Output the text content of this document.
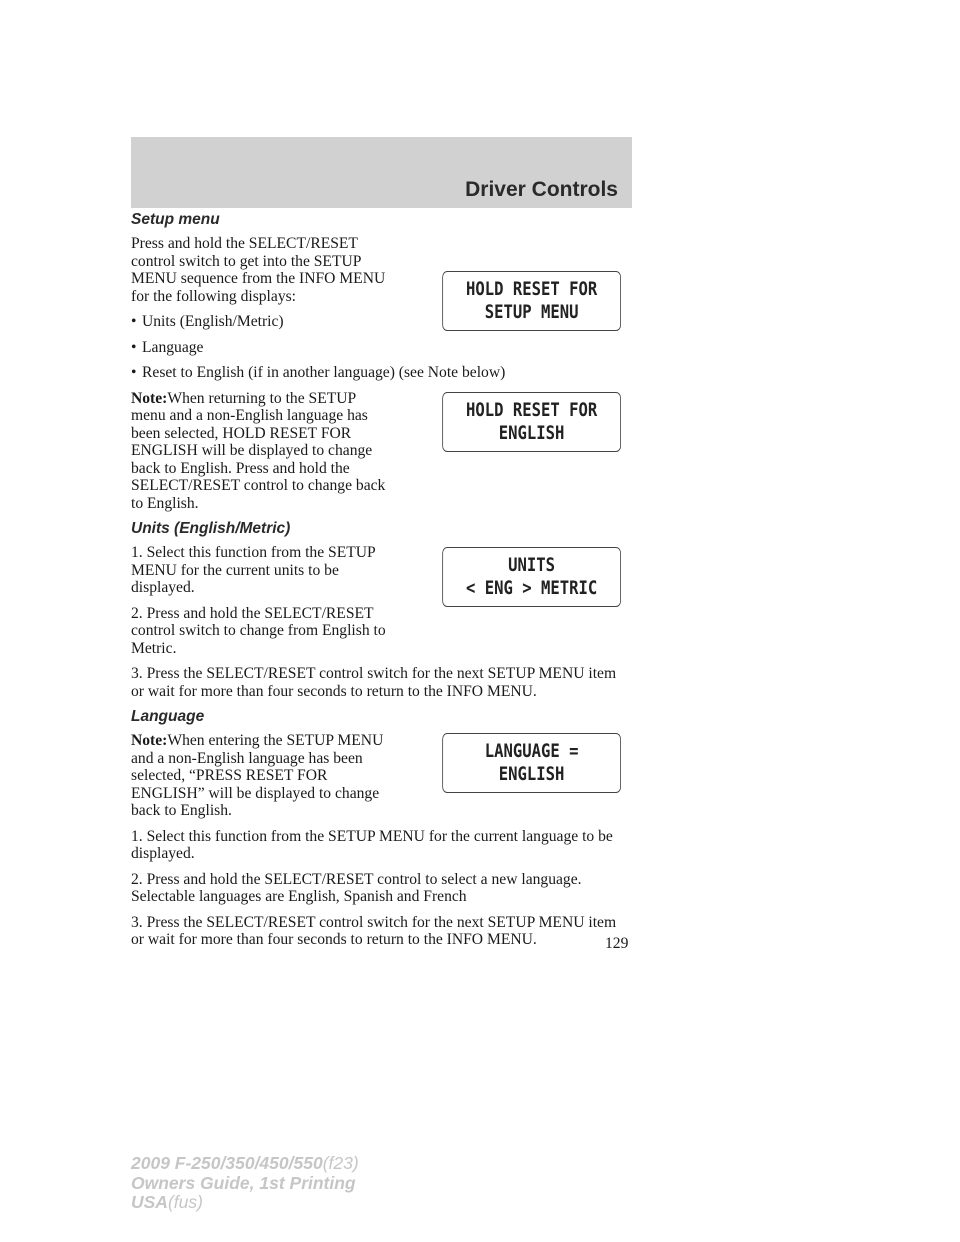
Driver Controls
Setup menu

Press and hold the SELECT/RESET control switch to get into the SETUP MENU sequence from the INFO MENU for the following displays:	HOLD RESET FOR
SETUP MENU
• Units (English/Metric)
• Language
• Reset to English (if in another language) (see Note below)

Note:When returning to the SETUP menu and a non-English language has been selected, HOLD RESET FOR ENGLISH will be displayed to change back to English. Press and hold the SELECT/RESET control to change back to English.

HOLD RESET FOR
ENGLISH
Units (English/Metric)

1. Select this function from the SETUP MENU for the current units to be displayed.

2. Press and hold the SELECT/RESET control switch to change from English to Metric.

UNITS
< ENG > METRIC

3. Press the SELECT/RESET control switch for the next SETUP MENU item or wait for more than four seconds to return to the INFO MENU.

Language

Note:When entering the SETUP MENU and a non-English language has been selected, “PRESS RESET FOR ENGLISH” will be displayed to change back to English.

LANGUAGE =
ENGLISH

1. Select this function from the SETUP MENU for the current language to be displayed.

2. Press and hold the SELECT/RESET control to select a new language. Selectable languages are English, Spanish and French

3. Press the SELECT/RESET control switch for the next SETUP MENU item or wait for more than four seconds to return to the INFO MENU.	129
2009 F-250/350/450/550(f23)
Owners Guide, 1st Printing
USA(fus)
